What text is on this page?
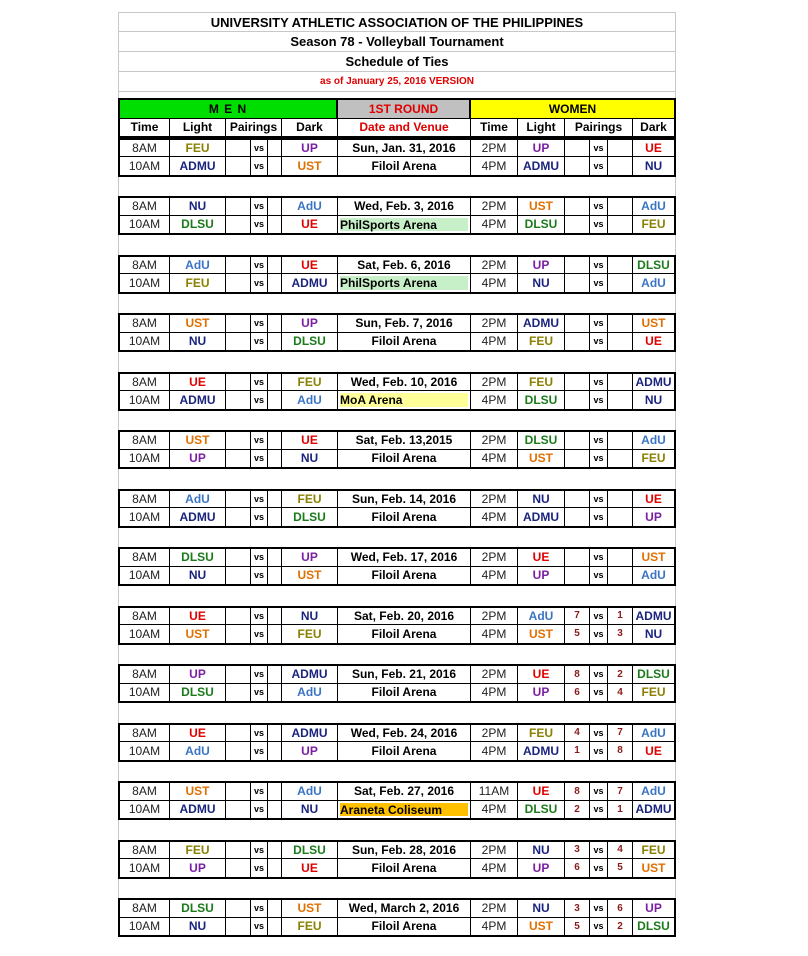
UNIVERSITY ATHLETIC ASSOCIATION OF THE PHILIPPINES
Season 78 - Volleyball Tournament
Schedule of Ties
as of January 25, 2016 VERSION
M E N	1ST ROUND	WOMEN
Time	Light	Pairings	Dark	Date and Venue	Time	Light	Pairings	Dark
8AM	FEU	vs	UP	Sun, Jan. 31, 2016	2PM	UP	vs	UE
10AM	ADMU	vs	UST	Filoil Arena	4PM	ADMU	vs	NU
8AM	NU	vs	AdU	Wed, Feb. 3, 2016	2PM	UST	vs	AdU
10AM	DLSU	vs	UE	PhilSports Arena	4PM	DLSU	vs	FEU
8AM	AdU	vs	UE	Sat, Feb. 6, 2016	2PM	UP	vs	DLSU
10AM	FEU	vs	ADMU	PhilSports Arena	4PM	NU	vs	AdU
8AM	UST	vs	UP	Sun, Feb. 7, 2016	2PM	ADMU	vs	UST
10AM	NU	vs	DLSU	Filoil Arena	4PM	FEU	vs	UE
8AM	UE	vs	FEU	Wed, Feb. 10, 2016	2PM	FEU	vs	ADMU
10AM	ADMU	vs	AdU	MoA Arena	4PM	DLSU	vs	NU
8AM	UST	vs	UE	Sat, Feb. 13,2015	2PM	DLSU	vs	AdU
10AM	UP	vs	NU	Filoil Arena	4PM	UST	vs	FEU
8AM	AdU	vs	FEU	Sun, Feb. 14, 2016	2PM	NU	vs	UE
10AM	ADMU	vs	DLSU	Filoil Arena	4PM	ADMU	vs	UP
8AM	DLSU	vs	UP	Wed, Feb. 17, 2016	2PM	UE	vs	UST
10AM	NU	vs	UST	Filoil Arena	4PM	UP	vs	AdU
8AM	UE	vs	NU	Sat, Feb. 20, 2016	2PM	AdU	7	vs	1	ADMU
10AM	UST	vs	FEU	Filoil Arena	4PM	UST	5	vs	3	NU
8AM	UP	vs	ADMU	Sun, Feb. 21, 2016	2PM	UE	8	vs	2	DLSU
10AM	DLSU	vs	AdU	Filoil Arena	4PM	UP	6	vs	4	FEU
8AM	UE	vs	ADMU	Wed, Feb. 24, 2016	2PM	FEU	4	vs	7	AdU
10AM	AdU	vs	UP	Filoil Arena	4PM	ADMU	1	vs	8	UE
8AM	UST	vs	AdU	Sat, Feb. 27, 2016	11AM	UE	8	vs	7	AdU
10AM	ADMU	vs	NU	Araneta Coliseum	4PM	DLSU	2	vs	1	ADMU
8AM	FEU	vs	DLSU	Sun, Feb. 28, 2016	2PM	NU	3	vs	4	FEU
10AM	UP	vs	UE	Filoil Arena	4PM	UP	6	vs	5	UST
8AM	DLSU	vs	UST	Wed, March 2, 2016	2PM	NU	3	vs	6	UP
10AM	NU	vs	FEU	Filoil Arena	4PM	UST	5	vs	2	DLSU
